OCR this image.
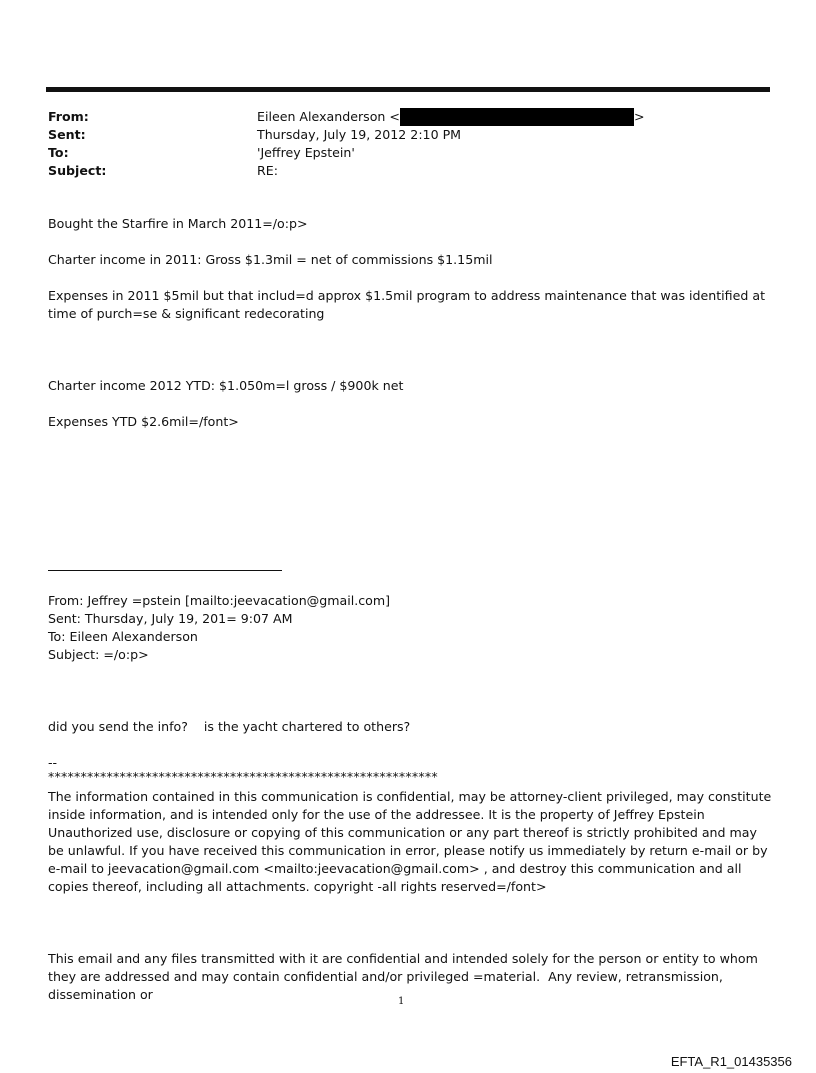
From:	Eileen Alexanderson <	>
Sent:	Thursday, July 19, 2012 2:10 PM
To:	'Jeffrey Epstein'
Subject:	RE:
Bought the Starfire in March 2011=/o:p>
Charter income in 2011: Gross $1.3mil = net of commissions $1.15mil
Expenses in 2011 $5mil but that includ=d approx $1.5mil program to address maintenance that was identified at time of purch=se & significant redecorating
Charter income 2012 YTD: $1.050m=l gross / $900k net
Expenses YTD $2.6mil=/font>
From: Jeffrey =pstein [mailto:jeevacation@gmail.com]
Sent: Thursday, July 19, 201= 9:07 AM
To: Eileen Alexanderson
Subject: =/o:p>
did you send the info?    is the yacht chartered to others?
--
************************************************************
The information contained in this communication is confidential, may be attorney-client privileged, may constitute inside information, and is intended only for the use of the addressee. It is the property of Jeffrey Epstein Unauthorized use, disclosure or copying of this communication or any part thereof is strictly prohibited and may be unlawful. If you have received this communication in error, please notify us immediately by return e-mail or by e-mail to jeevacation@gmail.com <mailto:jeevacation@gmail.com> , and destroy this communication and all copies thereof, including all attachments. copyright -all rights reserved=/font>
This email and any files transmitted with it are confidential and intended solely for the person or entity to whom they are addressed and may contain confidential and/or privileged =material.  Any review, retransmission, dissemination or	1
EFTA_R1_01435356
